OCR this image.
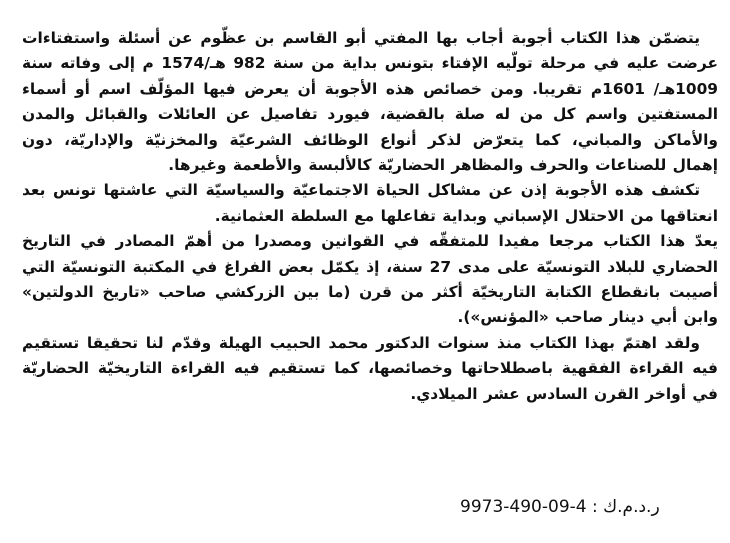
يتضمّن هذا الكتاب أجوبة أجاب بها المفتي أبو القاسم بن عظّوم عن أسئلة واستفتاءات عرضت عليه في مرحلة تولّيه الإفتاء بتونس بداية من سنة 982 هـ/1574 م إلى وفاته سنة 1009هـ/ 1601م تقريبا. ومن خصائص هذه الأجوبة أن يعرض فيها المؤلّف اسم أو أسماء المستفتين واسم كل من له صلة بالقضية، فيورد تفاصيل عن العائلات والقبائل والمدن والأماكن والمباني، كما يتعرّض لذكر أنواع الوظائف الشرعيّة والمخزنيّة والإداريّة، دون إهمال للصناعات والحرف والمظاهر الحضاريّة كالألبسة والأطعمة وغيرها.

تكشف هذه الأجوبة إذن عن مشاكل الحياة الاجتماعيّة والسياسيّة التي عاشتها تونس بعد انعتاقها من الاحتلال الإسباني وبداية تفاعلها مع السلطة العثمانية.

يعدّ هذا الكتاب مرجعا مفيدا للمتفقّه في القوانين ومصدرا من أهمّ المصادر في التاريخ الحضاري للبلاد التونسيّة على مدى 27 سنة، إذ يكمّل بعض الفراغ في المكتبة التونسيّة التي أصيبت بانقطاع الكتابة التاريخيّة أكثر من قرن (ما بين الزركشي صاحب «تاريخ الدولتين» وابن أبي دينار صاحب «المؤنس»).

ولقد اهتمّ بهذا الكتاب منذ سنوات الدكتور محمد الحبيب الهيلة وقدّم لنا تحقيقا تستقيم فيه القراءة الفقهية باصطلاحاتها وخصائصها، كما تستقيم فيه القراءة التاريخيّة الحضاريّة في أواخر القرن السادس عشر الميلادي.

ر.د.م.ك : 4-09-490-9973
